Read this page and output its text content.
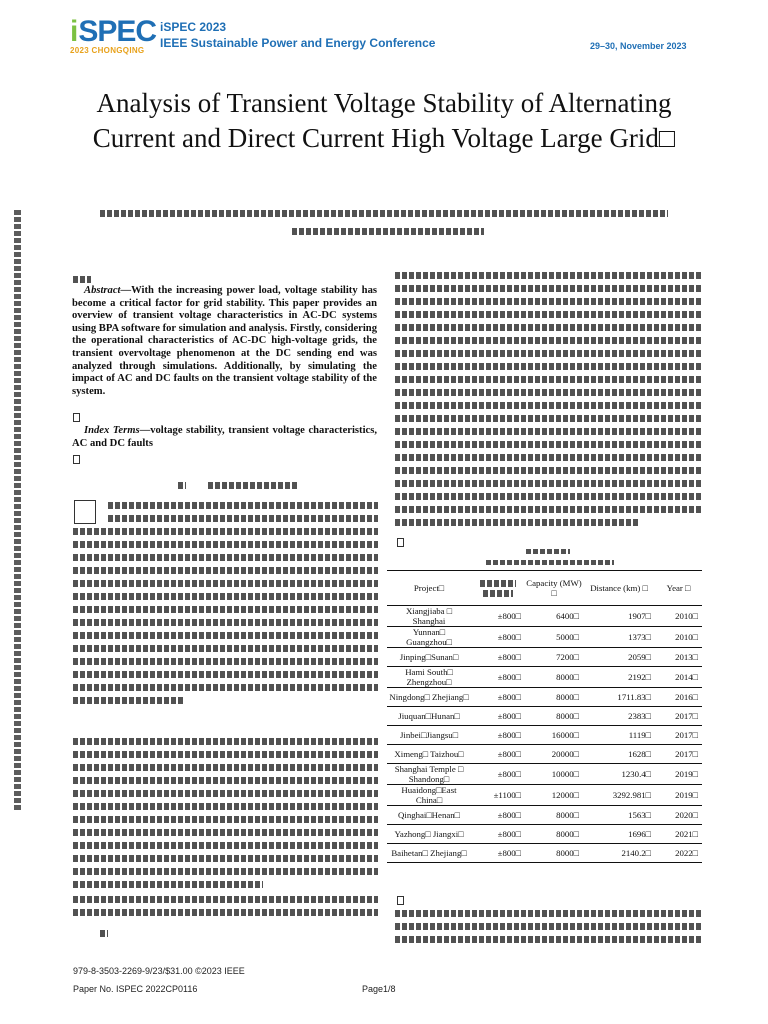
iSPEC
2023 CHONGQING
iSPEC 2023
IEEE Sustainable Power and Energy Conference	29–30, November 2023
Analysis of Transient Voltage Stability of Alternating Current and Direct Current High Voltage Large Grid□
Abstract—With the increasing power load, voltage stability has become a critical factor for grid stability. This paper provides an overview of transient voltage characteristics in AC-DC systems using BPA software for simulation and analysis. Firstly, considering the operational characteristics of AC-DC high-voltage grids, the transient overvoltage phenomenon at the DC sending end was analyzed through simulations. Additionally, by simulating the impact of AC and DC faults on the transient voltage stability of the system.
Index Terms—voltage stability, transient voltage characteristics, AC and DC faults
Project□		Capacity (MW) □	Distance (km) □	Year □
Xiangjiaba □ Shanghai	±800□	6400□	1907□	2010□
Yunnan□ Guangzhou□	±800□	5000□	1373□	2010□
Jinping□Sunan□	±800□	7200□	2059□	2013□
Hami South□ Zhengzhou□	±800□	8000□	2192□	2014□
Ningdong□ Zhejiang□	±800□	8000□	1711.83□	2016□
Jiuquan□Hunan□	±800□	8000□	2383□	2017□
Jinbei□Jiangsu□	±800□	16000□	1119□	2017□
Ximeng□ Taizhou□	±800□	20000□	1628□	2017□
Shanghai Temple □ Shandong□	±800□	10000□	1230.4□	2019□
Huaidong□East China□	±1100□	12000□	3292.981□	2019□
Qinghai□Henan□	±800□	8000□	1563□	2020□
Yazhong□ Jiangxi□	±800□	8000□	1696□	2021□
Baihetan□ Zhejiang□	±800□	8000□	2140.2□	2022□
979-8-3503-2269-9/23/$31.00 ©2023 IEEE
Paper No. ISPEC 2022CP0116	Page1/8
